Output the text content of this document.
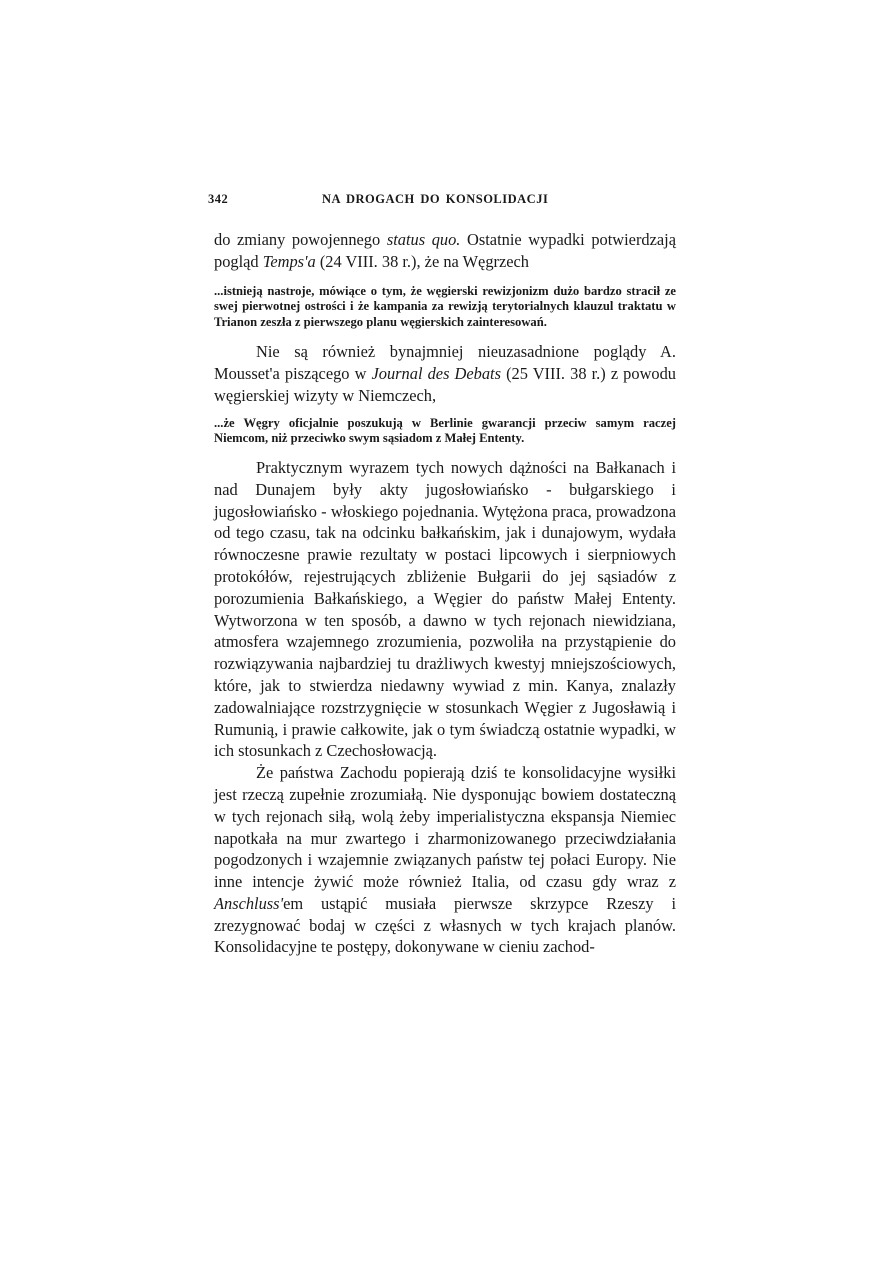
342	NA DROGACH DO KONSOLIDACJI

do zmiany powojennego status quo. Ostatnie wypadki potwierdzają pogląd Temps'a (24 VIII. 38 r.), że na Węgrzech

...istnieją nastroje, mówiące o tym, że węgierski rewizjonizm dużo bardzo stracił ze swej pierwotnej ostrości i że kampania za rewizją terytorialnych klauzul traktatu w Trianon zeszła z pierwszego planu węgierskich zainteresowań.

Nie są również bynajmniej nieuzasadnione poglądy A. Mousset'a piszącego w Journal des Debats (25 VIII. 38 r.) z powodu węgierskiej wizyty w Niemczech,

...że Węgry oficjalnie poszukują w Berlinie gwarancji przeciw samym raczej Niemcom, niż przeciwko swym sąsiadom z Małej Ententy.

Praktycznym wyrazem tych nowych dążności na Bałkanach i nad Dunajem były akty jugosłowiańsko - bułgarskiego i jugosłowiańsko - włoskiego pojednania. Wytężona praca, prowadzona od tego czasu, tak na odcinku bałkańskim, jak i dunajowym, wydała równoczesne prawie rezultaty w postaci lipcowych i sierpniowych protokółów, rejestrujących zbliżenie Bułgarii do jej sąsiadów z porozumienia Bałkańskiego, a Węgier do państw Małej Ententy. Wytworzona w ten sposób, a dawno w tych rejonach niewidziana, atmosfera wzajemnego zrozumienia, pozwoliła na przystąpienie do rozwiązywania najbardziej tu drażliwych kwestyj mniejszościowych, które, jak to stwierdza niedawny wywiad z min. Kanya, znalazły zadowalniające rozstrzygnięcie w stosunkach Węgier z Jugosławią i Rumunią, i prawie całkowite, jak o tym świadczą ostatnie wypadki, w ich stosunkach z Czechosłowacją.

Że państwa Zachodu popierają dziś te konsolidacyjne wysiłki jest rzeczą zupełnie zrozumiałą. Nie dysponując bowiem dostateczną w tych rejonach siłą, wolą żeby imperialistyczna ekspansja Niemiec napotkała na mur zwartego i zharmonizowanego przeciwdziałania pogodzonych i wzajemnie związanych państw tej połaci Europy. Nie inne intencje żywić może również Italia, od czasu gdy wraz z Anschluss'em ustąpić musiała pierwsze skrzypce Rzeszy i zrezygnować bodaj w części z własnych w tych krajach planów. Konsolidacyjne te postępy, dokonywane w cieniu zachod-
